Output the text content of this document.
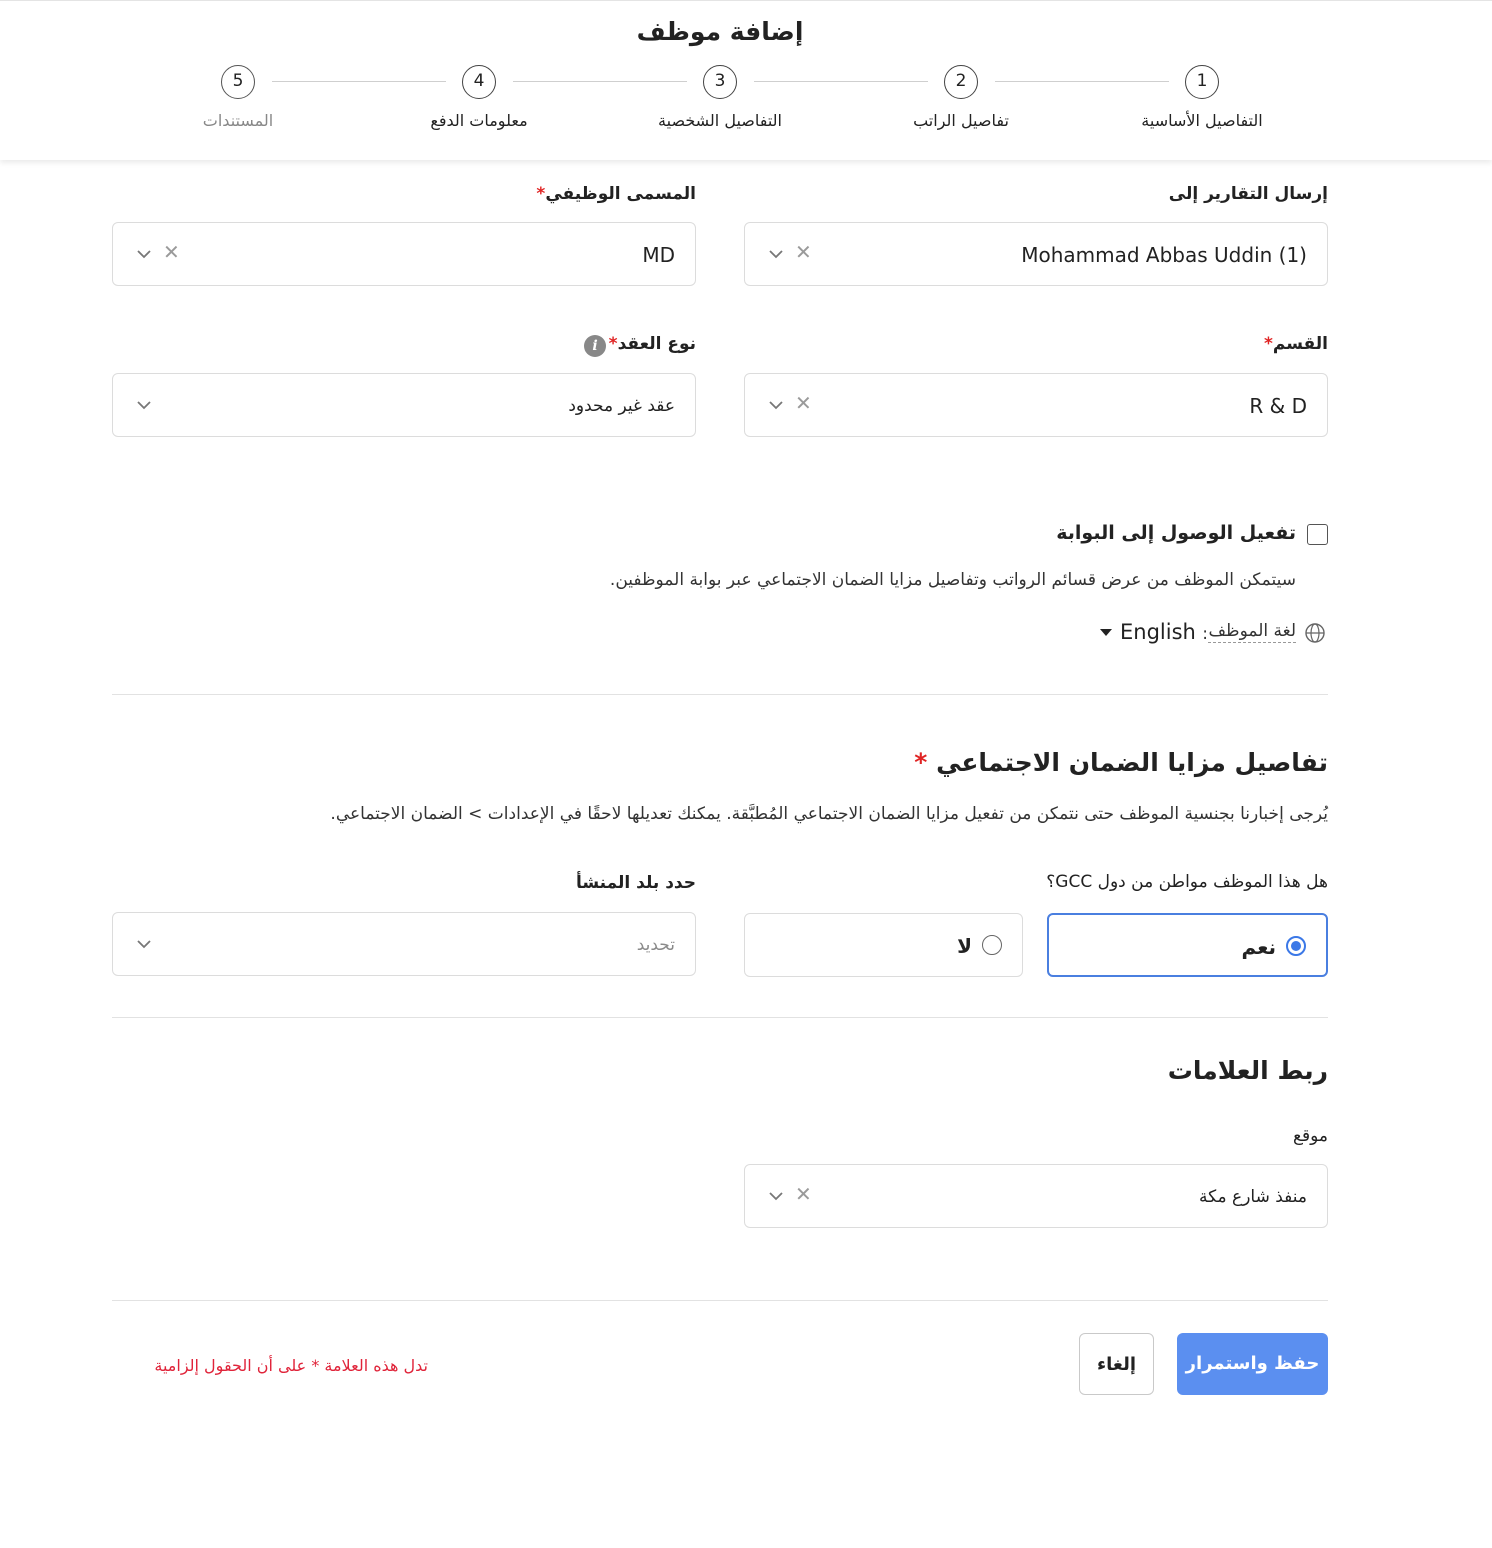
إضافة موظف
1
التفاصيل الأساسية
2
تفاصيل الراتب
3
التفاصيل الشخصية
4
معلومات الدفع
5
المستندات
إرسال التقارير إلى
Mohammad Abbas Uddin (1)
✕
المسمى الوظيفي*
MD
✕
القسم*
R & D
✕
نوع العقد*
i
عقد غير محدود
تفعيل الوصول إلى البوابة
سيتمكن الموظف من عرض قسائم الرواتب وتفاصيل مزايا الضمان الاجتماعي عبر بوابة الموظفين.
لغة الموظف
:
English
تفاصيل مزايا الضمان الاجتماعي *
يُرجى إخبارنا بجنسية الموظف حتى نتمكن من تفعيل مزايا الضمان الاجتماعي المُطبَّقة. يمكنك تعديلها لاحقًا في الإعدادات > الضمان الاجتماعي.
هل هذا الموظف مواطن من دول GCC؟
نعم
لا
حدد بلد المنشأ
تحديد
ربط العلامات
موقع
منفذ شارع مكة
✕
حفظ واستمرار
إلغاء
تدل هذه العلامة * على أن الحقول إلزامية
